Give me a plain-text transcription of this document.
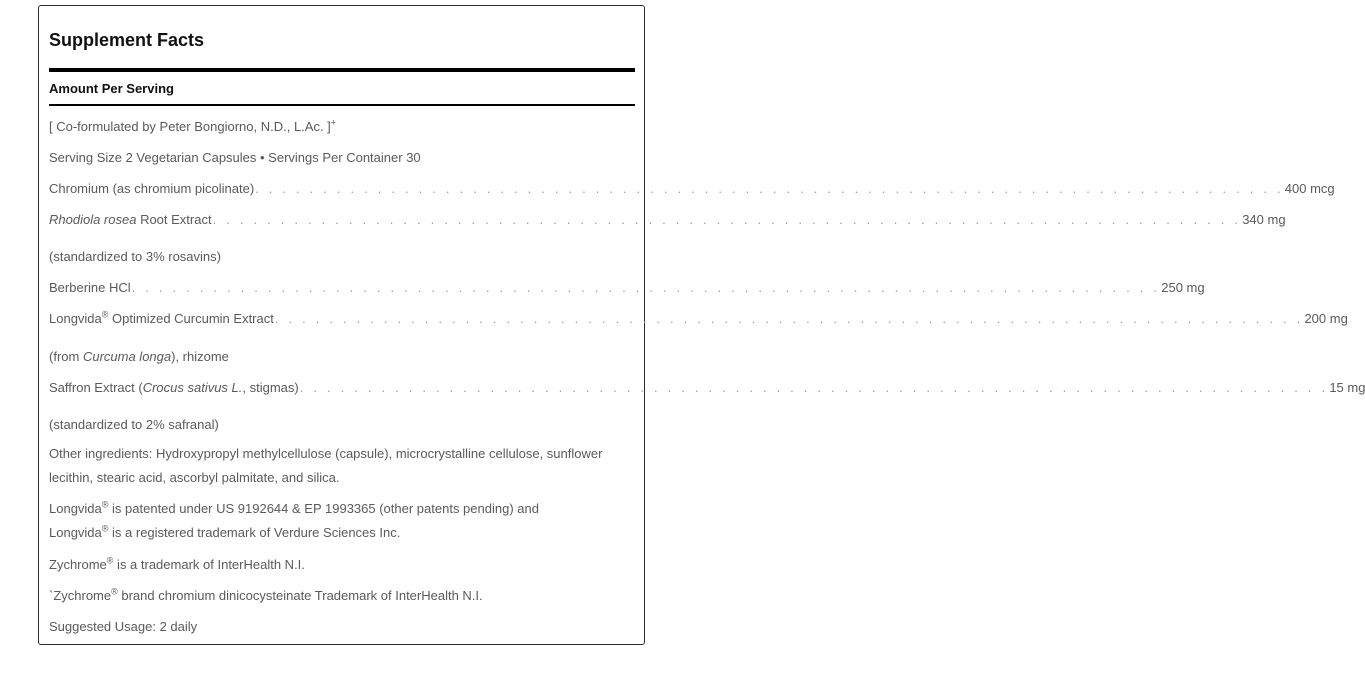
Supplement Facts
Amount Per Serving
[ Co-formulated by Peter Bongiorno, N.D., L.Ac. ]+
Serving Size 2 Vegetarian Capsules • Servings Per Container 30
Chromium (as chromium picolinate) . . . . . . . . . . . . . . . . . . . . . . . . . . . . . . . . . . . . . . . . . . . . . . . . . . . . . . . . . . . . . . . . . . . . . . . . . . . . 400 mcg
Rhodiola rosea Root Extract . . . . . . . . . . . . . . . . . . . . . . . . . . . . . . . . . . . . . . . . . . . . . . . . . . . . . . . . . . . . . . . . . . . . . . . . . . . . 340 mg
(standardized to 3% rosavins)
Berberine HCl . . . . . . . . . . . . . . . . . . . . . . . . . . . . . . . . . . . . . . . . . . . . . . . . . . . . . . . . . . . . . . . . . . . . . . . . . . . . 250 mg
Longvida® Optimized Curcumin Extract . . . . . . . . . . . . . . . . . . . . . . . . . . . . . . . . . . . . . . . . . . . . . . . . . . . . . . . . . . . . . . . . . . . . . . . . . . . . 200 mg
(from Curcuma longa), rhizome
Saffron Extract (Crocus sativus L., stigmas) . . . . . . . . . . . . . . . . . . . . . . . . . . . . . . . . . . . . . . . . . . . . . . . . . . . . . . . . . . . . . . . . . . . . . . . . . . . . 15 mg
(standardized to 2% safranal)
Other ingredients: Hydroxypropyl methylcellulose (capsule), microcrystalline cellulose, sunflower lecithin, stearic acid, ascorbyl palmitate, and silica.
Longvida® is patented under US 9192644 & EP 1993365 (other patents pending) and
Longvida® is a registered trademark of Verdure Sciences Inc.
Zychrome® is a trademark of InterHealth N.I.
`Zychrome® brand chromium dinicocysteinate Trademark of InterHealth N.I.
Suggested Usage: 2 daily
